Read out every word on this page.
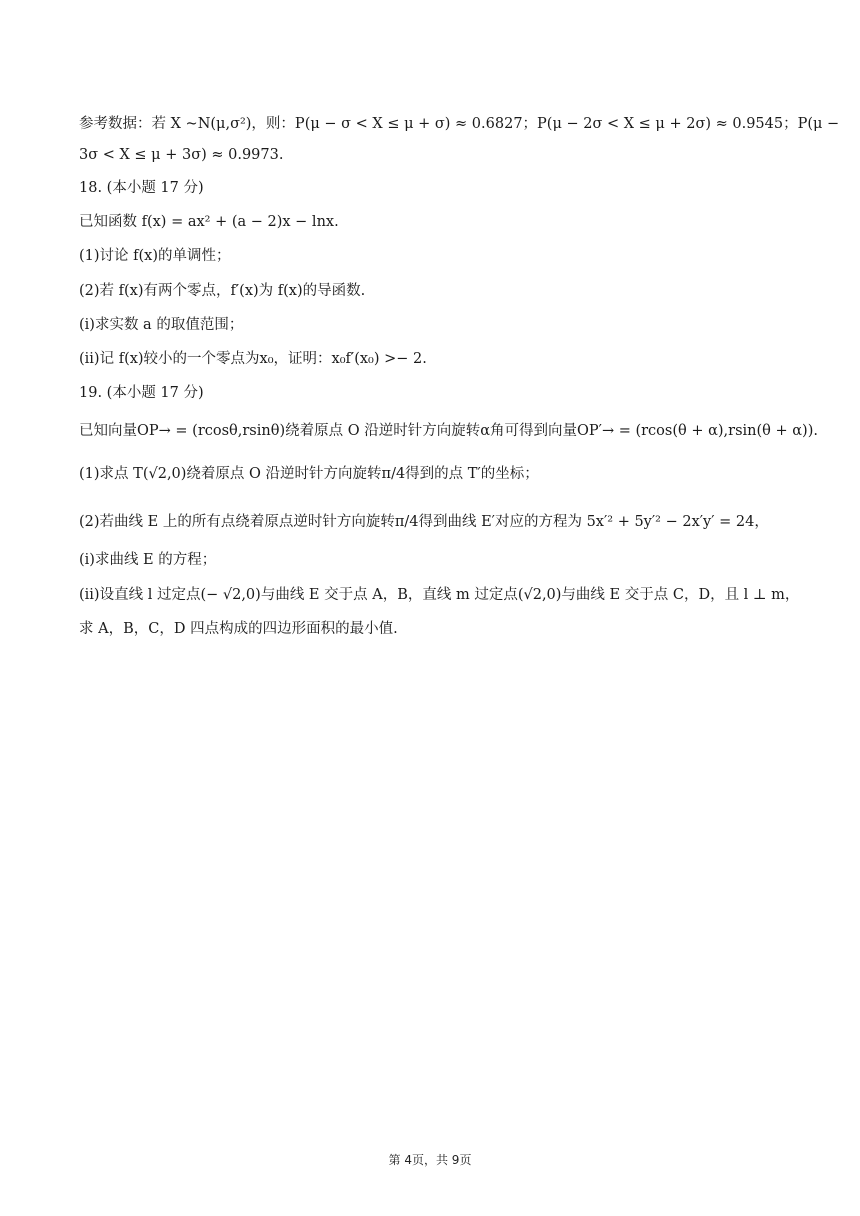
参考数据：若 X ~N(μ,σ²)，则：P(μ − σ < X ≤ μ + σ) ≈ 0.6827；P(μ − 2σ < X ≤ μ + 2σ) ≈ 0.9545；P(μ −
3σ < X ≤ μ + 3σ) ≈ 0.9973.
18. (本小题 17 分)
已知函数 f(x) = ax² + (a − 2)x − lnx.
(1)讨论 f(x)的单调性；
(2)若 f(x)有两个零点，f′(x)为 f(x)的导函数.
(i)求实数 a 的取值范围；
(ii)记 f(x)较小的一个零点为x₀，证明：x₀f′(x₀) >− 2.
19. (本小题 17 分)
已知向量OP→ = (rcosθ,rsinθ)绕着原点 O 沿逆时针方向旋转α角可得到向量OP′→ = (rcos(θ + α),rsin(θ + α)).
(1)求点 T(√2,0)绕着原点 O 沿逆时针方向旋转π/4得到的点 T′的坐标；
(2)若曲线 E 上的所有点绕着原点逆时针方向旋转π/4得到曲线 E′对应的方程为 5x′² + 5y′² − 2x′y′ = 24，
(i)求曲线 E 的方程；
(ii)设直线 l 过定点(− √2,0)与曲线 E 交于点 A，B，直线 m 过定点(√2,0)与曲线 E 交于点 C，D，且 l ⊥ m，
求 A，B，C，D 四点构成的四边形面积的最小值.
第 4页，共 9页
